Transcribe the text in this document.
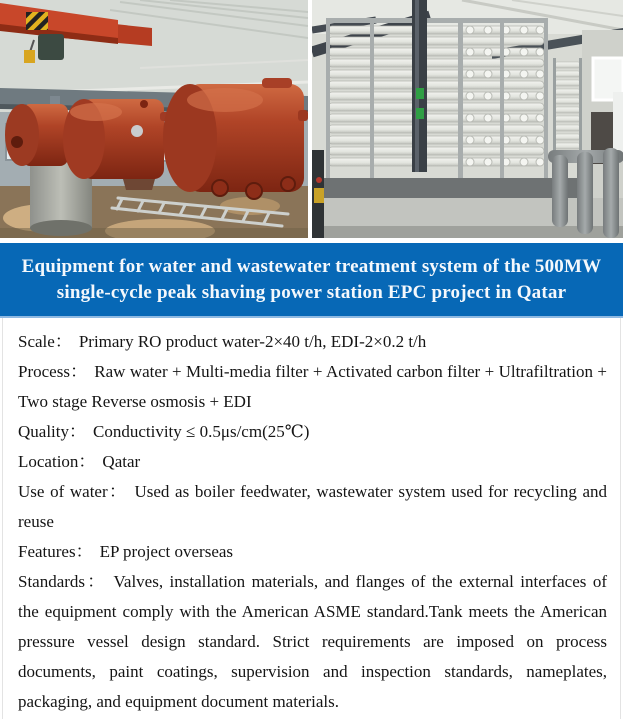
Equipment for water and wastewater treatment system of the 500MW
single-cycle peak shaving power station EPC project in Qatar

Scale： Primary RO product water-2×40 t/h, EDI-2×0.2 t/h

Process： Raw water + Multi-media filter + Activated carbon filter + Ultrafiltration + Two stage Reverse osmosis + EDI

Quality： Conductivity ≤ 0.5μs/cm(25℃)

Location： Qatar

Use of water： Used as boiler feedwater, wastewater system used for recycling and reuse

Features： EP project overseas

Standards： Valves, installation materials, and flanges of the external interfaces of the equipment comply with the American ASME standard.Tank meets the American pressure vessel design standard. Strict requirements are imposed on process documents, paint coatings, supervision and inspection standards, nameplates, packaging, and equipment document materials.
